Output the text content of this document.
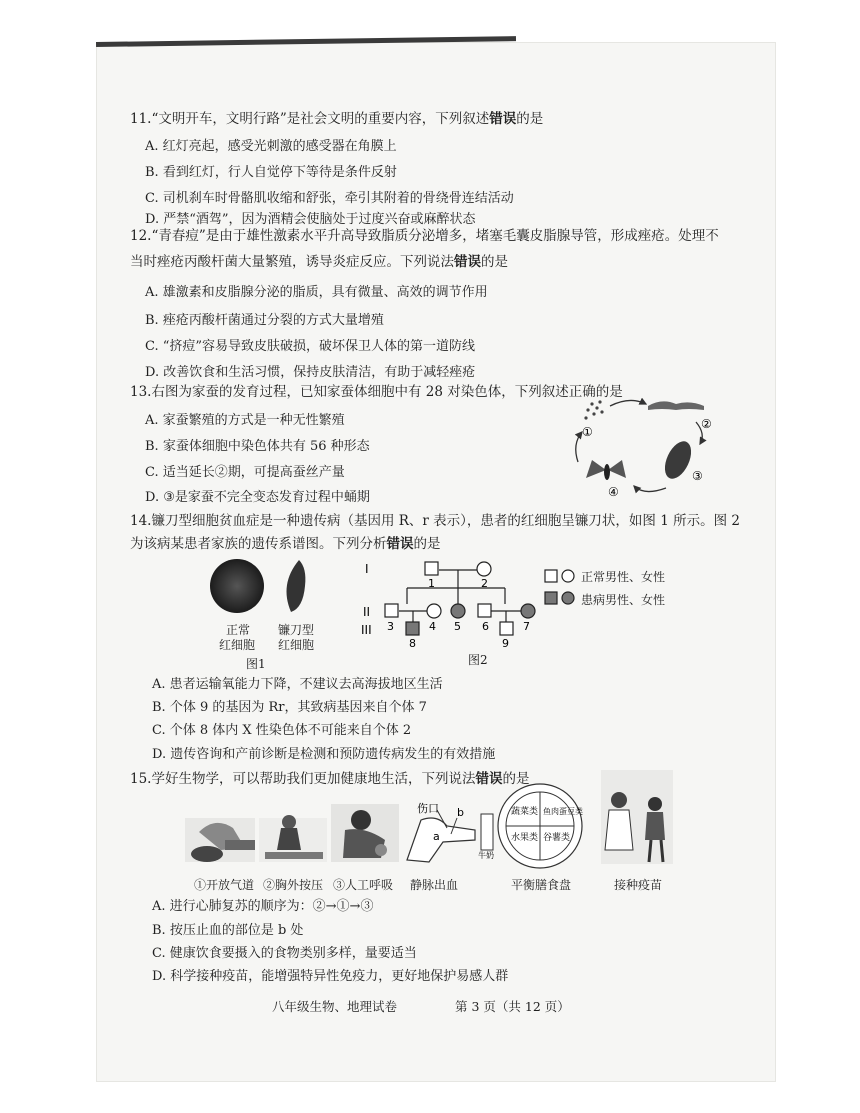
11.“文明开车，文明行路”是社会文明的重要内容，下列叙述错误的是
A. 红灯亮起，感受光刺激的感受器在角膜上
B. 看到红灯，行人自觉停下等待是条件反射
C. 司机刹车时骨骼肌收缩和舒张，牵引其附着的骨绕骨连结活动
D. 严禁“酒驾”，因为酒精会使脑处于过度兴奋或麻醉状态
12.“青春痘”是由于雄性激素水平升高导致脂质分泌增多，堵塞毛囊皮脂腺导管，形成痤疮。处理不
当时痤疮丙酸杆菌大量繁殖，诱导炎症反应。下列说法错误的是
A. 雄激素和皮脂腺分泌的脂质，具有微量、高效的调节作用
B. 痤疮丙酸杆菌通过分裂的方式大量增殖
C. “挤痘”容易导致皮肤破损，破坏保卫人体的第一道防线
D. 改善饮食和生活习惯，保持皮肤清洁，有助于减轻痤疮
13.右图为家蚕的发育过程，已知家蚕体细胞中有 28 对染色体，下列叙述正确的是
A. 家蚕繁殖的方式是一种无性繁殖
B. 家蚕体细胞中染色体共有 56 种形态
C. 适当延长②期，可提高蚕丝产量
D. ③是家蚕不完全变态发育过程中蛹期
①
②
③
④
14.镰刀型细胞贫血症是一种遗传病（基因用 R、r 表示），患者的红细胞呈镰刀状，如图 1 所示。图 2
为该病某患者家族的遗传系谱图。下列分析错误的是
正常
红细胞
镰刀型
红细胞
图1
I
II
III
1	2
3	4 5 6	7
8	9
图2
正常男性、女性
患病男性、女性
A. 患者运输氧能力下降，不建议去高海拔地区生活
B. 个体 9 的基因为 Rr，其致病基因来自个体 7
C. 个体 8 体内 X 性染色体不可能来自个体 2
D. 遗传咨询和产前诊断是检测和预防遗传病发生的有效措施
15.学好生物学，可以帮助我们更加健康地生活，下列说法错误的是
伤口
a
b
牛奶
蔬菜类 鱼肉蛋豆类
水果类 谷薯类
①开放气道 ②胸外按压 ③人工呼吸 静脉出血	平衡膳食盘	接种疫苗
A. 进行心肺复苏的顺序为：②→①→③
B. 按压止血的部位是 b 处
C. 健康饮食要摄入的食物类别多样，量要适当
D. 科学接种疫苗，能增强特异性免疫力，更好地保护易感人群
八年级生物、地理试卷	第 3 页（共 12 页）
